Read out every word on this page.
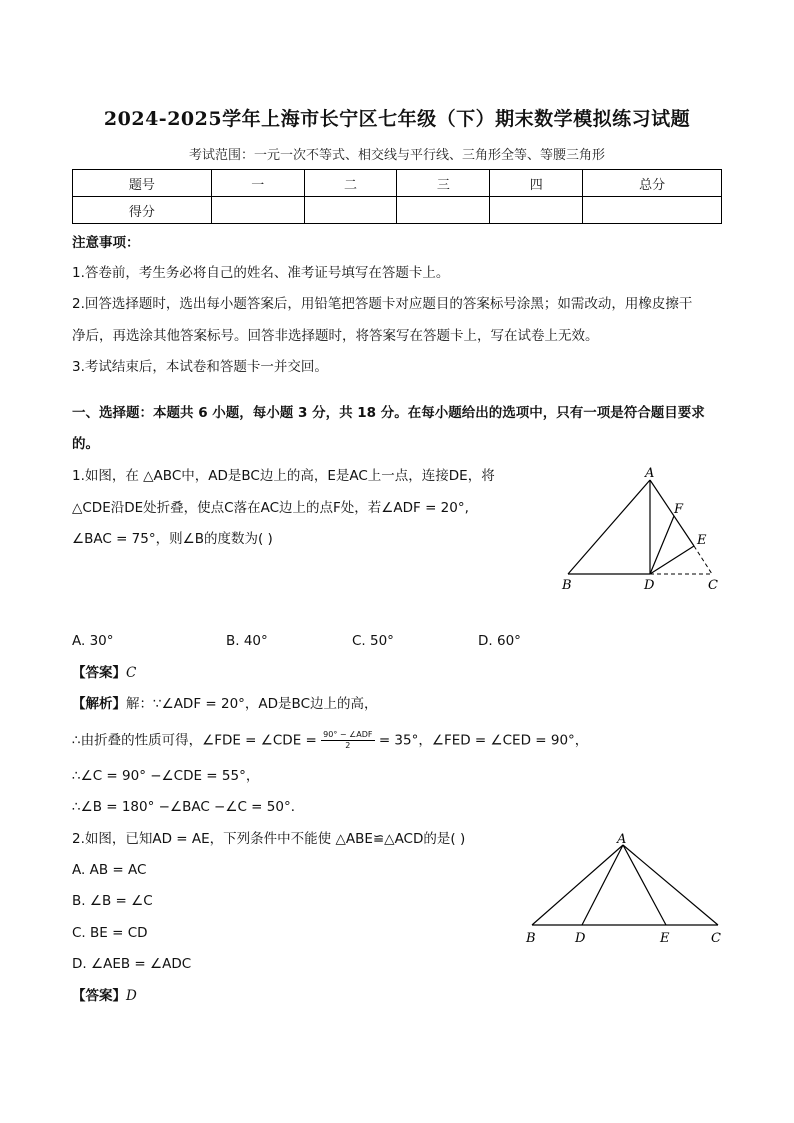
2024-2025学年上海市长宁区七年级（下）期末数学模拟练习试题
考试范围：一元一次不等式、相交线与平行线、三角形全等、等腰三角形
题号	一	二	三	四	总分
得分					
注意事项：
1.答卷前，考生务必将自己的姓名、准考证号填写在答题卡上。
2.回答选择题时，选出每小题答案后，用铅笔把答题卡对应题目的答案标号涂黑；如需改动，用橡皮擦干
净后，再选涂其他答案标号。回答非选择题时，将答案写在答题卡上，写在试卷上无效。
3.考试结束后，本试卷和答题卡一并交回。
一、选择题：本题共 6 小题，每小题 3 分，共 18 分。在每小题给出的选项中，只有一项是符合题目要求
的。
1.如图，在 △ABC中，AD是BC边上的高，E是AC上一点，连接DE，将
△CDE沿DE处折叠，使点C落在AC边上的点F处，若∠ADF = 20°,
∠BAC = 75°，则∠B的度数为( )
A
B	D	C
F
E
A. 30°	B. 40°	C. 50°	D. 60°
【答案】C
【解析】解：∵∠ADF = 20°，AD是BC边上的高，
∴由折叠的性质可得，∠FDE = ∠CDE = $\frac{\text{90° − ∠ADF}}{2} = 35^\circ$，∠FED = ∠CED = 90°，
∴∠C = 90° −∠CDE = 55°，
∴∠B = 180° −∠BAC −∠C = 50°．
2.如图，已知AD = AE，下列条件中不能使 △ABE≌△ACD的是( )
A. AB = AC
B. ∠B = ∠C
C. BE = CD
D. ∠AEB = ∠ADC
【答案】D
A
B	D	E	C
